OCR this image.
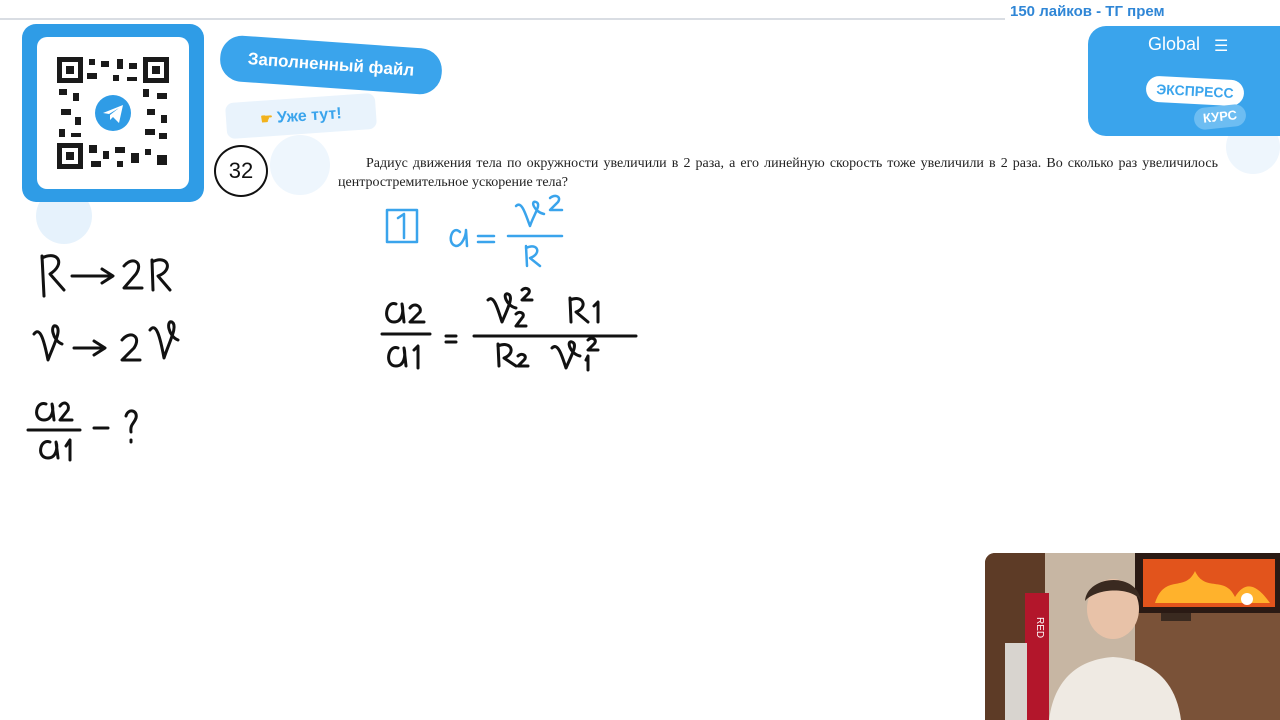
150 лайков - ТГ прем
Заполненный файл
☛ Уже тут!
32	Радиус движения тела по окружности увеличили в 2 раза, а его линейную скорость тоже увеличили в 2 раза. Во сколько раз увеличилось центростремительное ускорение тела?
Global ☰
ЭКСПРЕСС
КУРС
RED
